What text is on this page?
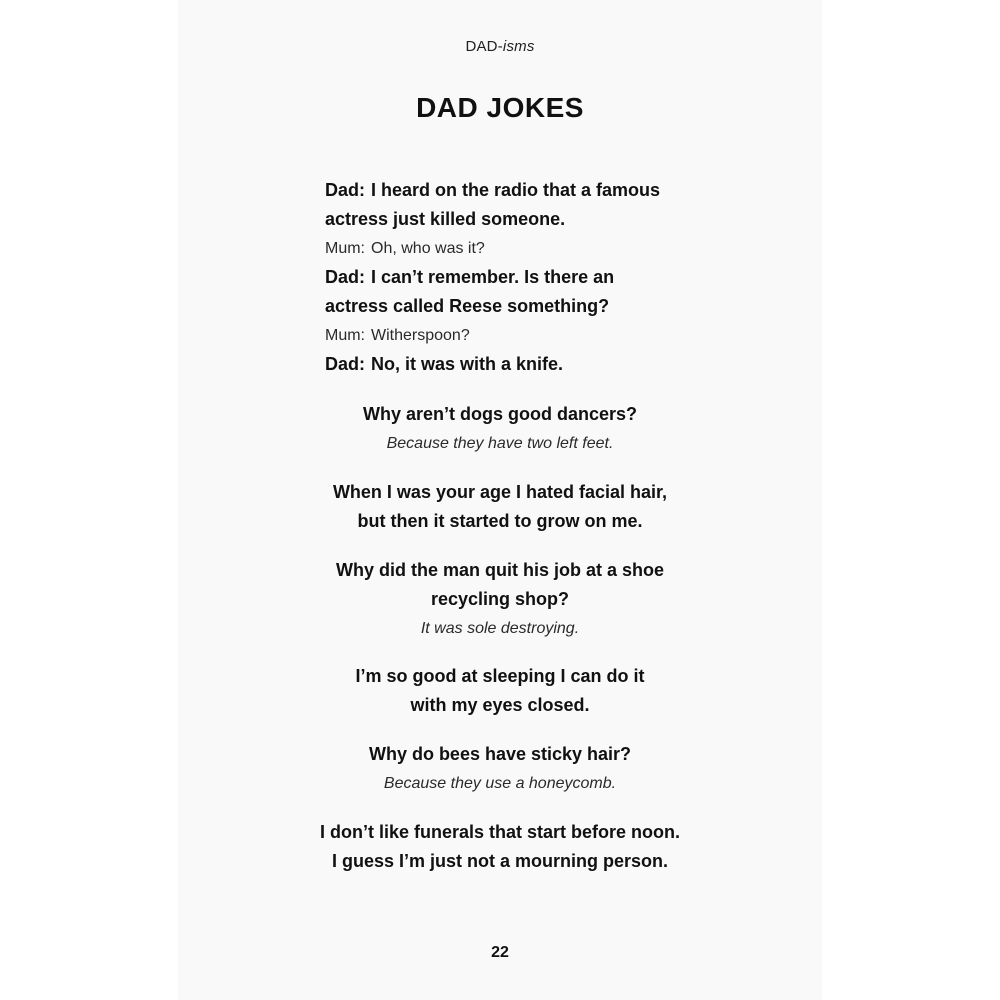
DAD-isms
DAD JOKES
Dad: I heard on the radio that a famous
actress just killed someone.
Mum: Oh, who was it?
Dad: I can’t remember. Is there an
actress called Reese something?
Mum: Witherspoon?
Dad: No, it was with a knife.
Why aren’t dogs good dancers?
Because they have two left feet.
When I was your age I hated facial hair,
but then it started to grow on me.
Why did the man quit his job at a shoe
recycling shop?
It was sole destroying.
I’m so good at sleeping I can do it
with my eyes closed.
Why do bees have sticky hair?
Because they use a honeycomb.
I don’t like funerals that start before noon.
I guess I’m just not a mourning person.
22
